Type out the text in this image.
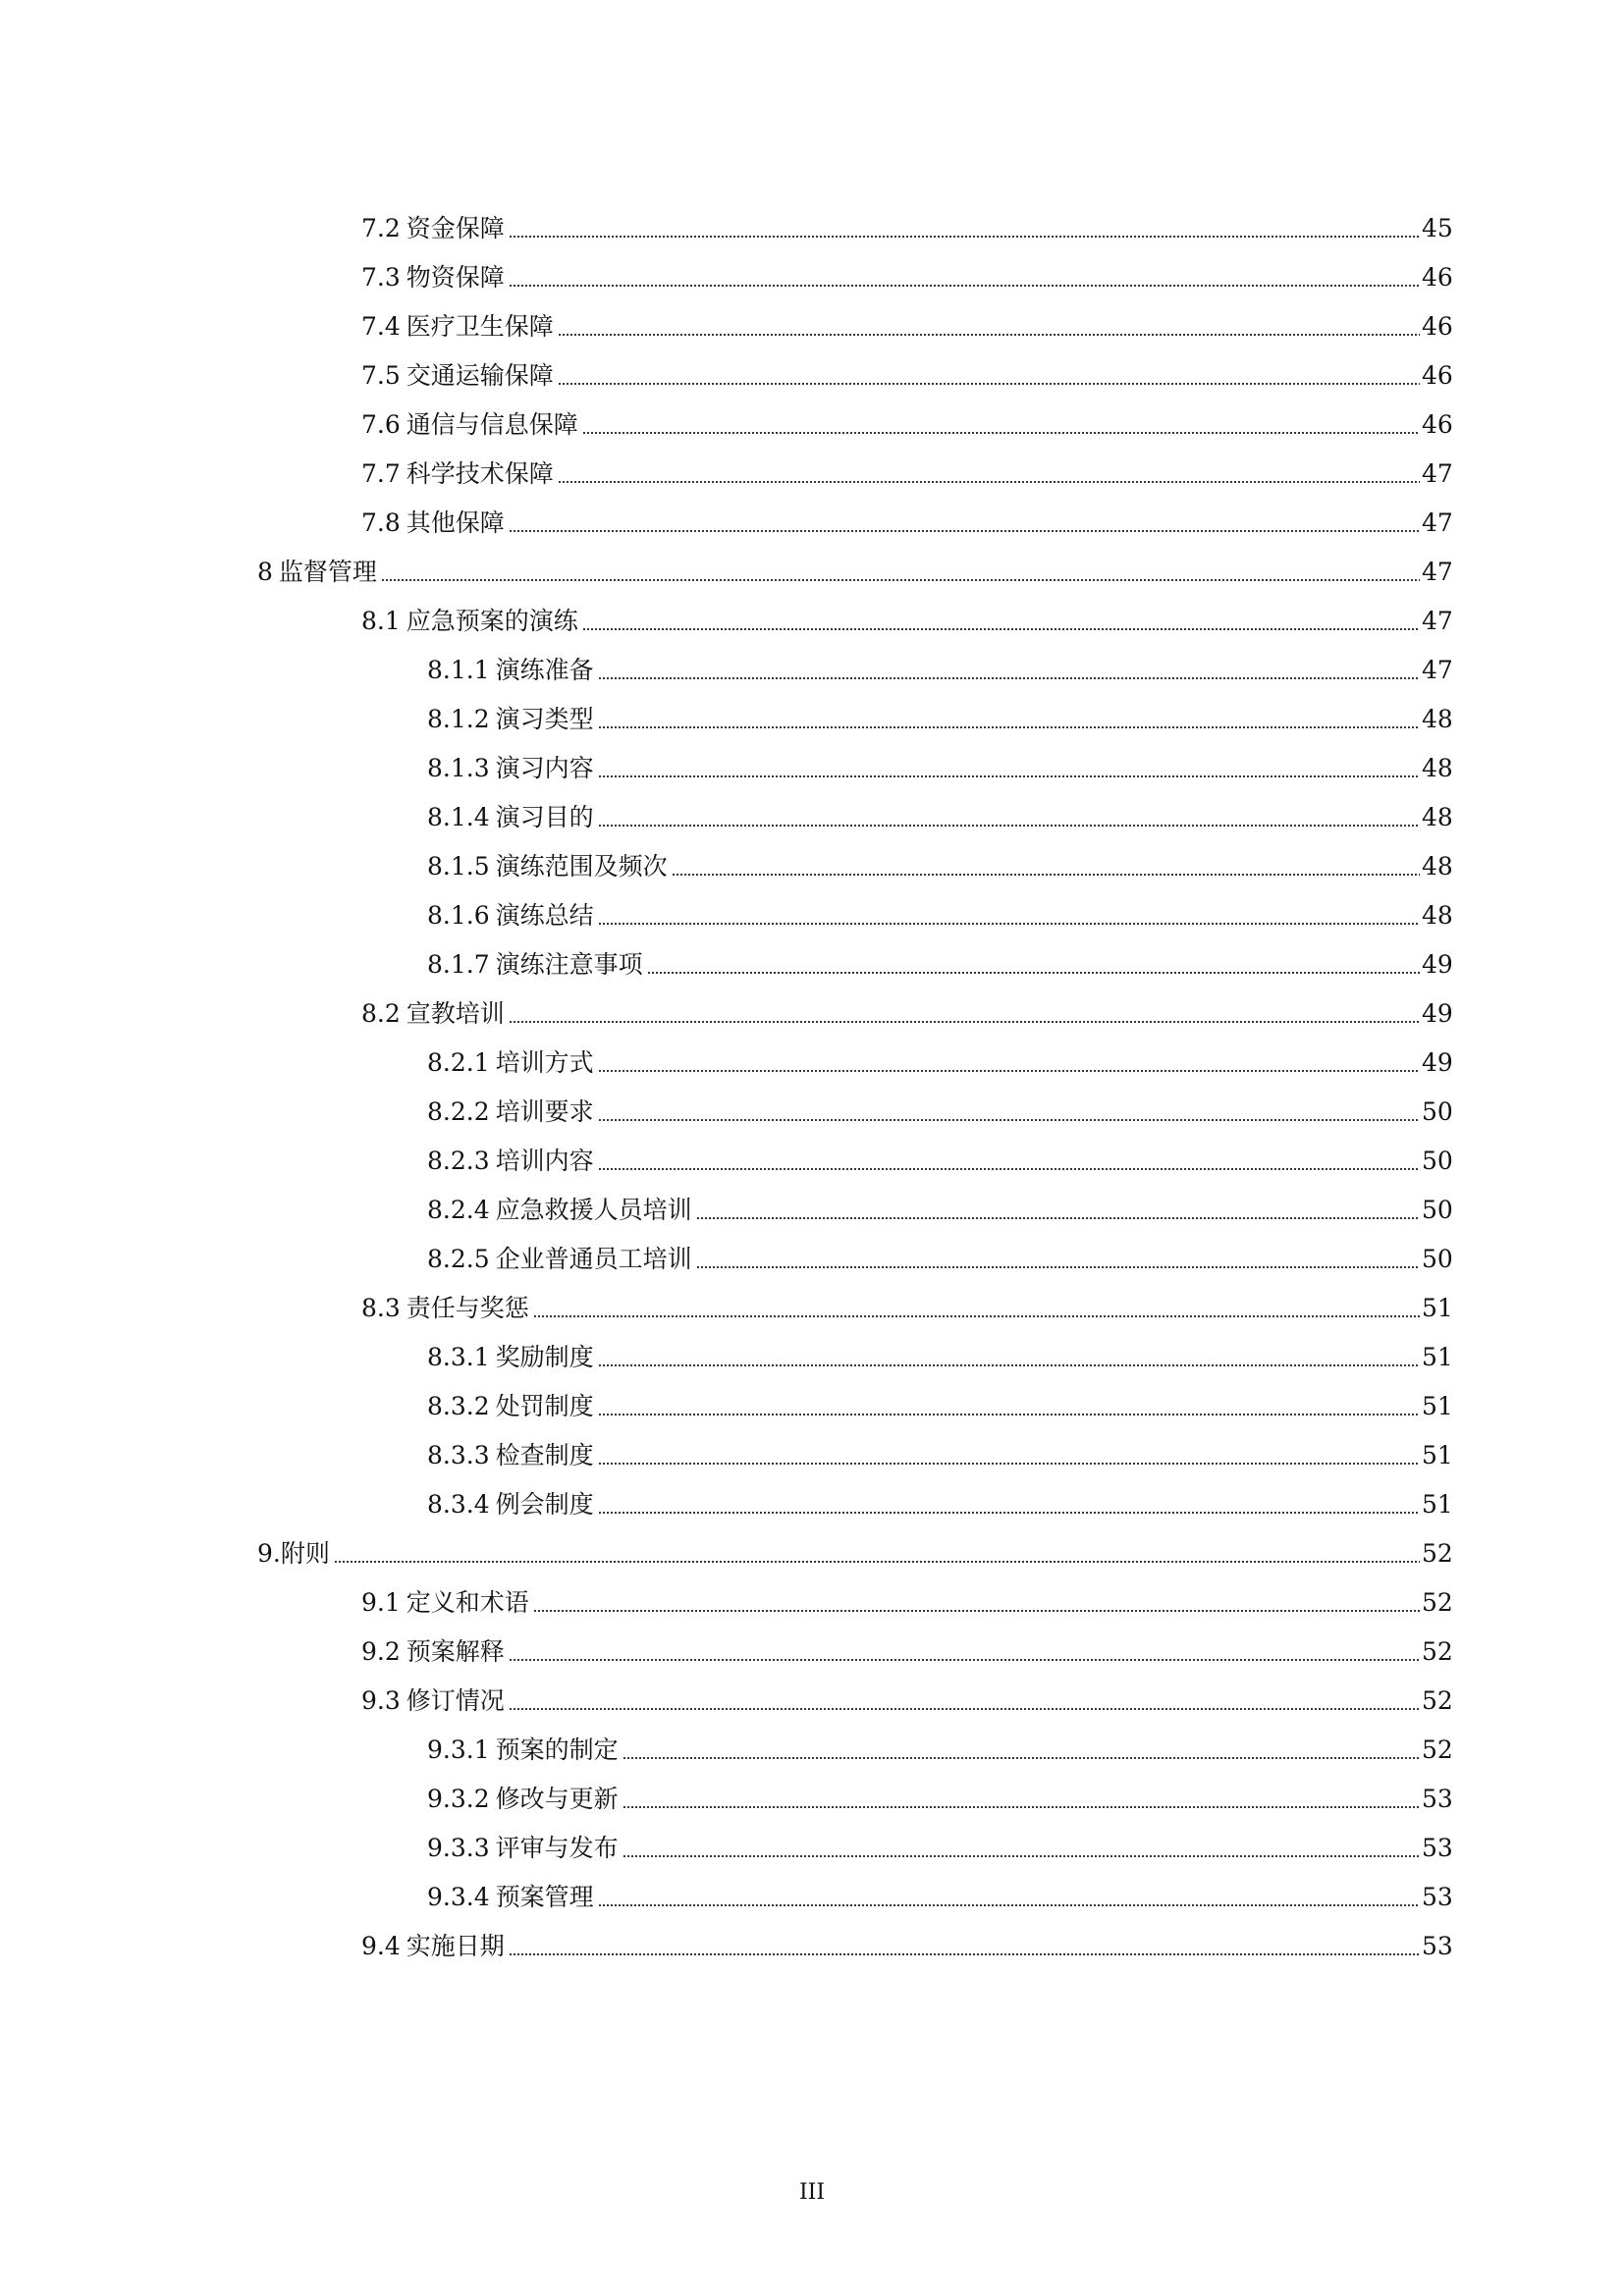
7.2 资金保障	45
7.3 物资保障	46
7.4 医疗卫生保障	46
7.5 交通运输保障	46
7.6 通信与信息保障	46
7.7 科学技术保障	47
7.8 其他保障	47
8 监督管理	47
8.1 应急预案的演练	47
8.1.1 演练准备	47
8.1.2 演习类型	48
8.1.3 演习内容	48
8.1.4 演习目的	48
8.1.5 演练范围及频次	48
8.1.6 演练总结	48
8.1.7 演练注意事项	49
8.2 宣教培训	49
8.2.1 培训方式	49
8.2.2 培训要求	50
8.2.3 培训内容	50
8.2.4 应急救援人员培训	50
8.2.5 企业普通员工培训	50
8.3 责任与奖惩	51
8.3.1 奖励制度	51
8.3.2 处罚制度	51
8.3.3 检查制度	51
8.3.4 例会制度	51
9.附则	52
9.1 定义和术语	52
9.2 预案解释	52
9.3 修订情况	52
9.3.1 预案的制定	52
9.3.2 修改与更新	53
9.3.3 评审与发布	53
9.3.4 预案管理	53
9.4 实施日期	53
III
